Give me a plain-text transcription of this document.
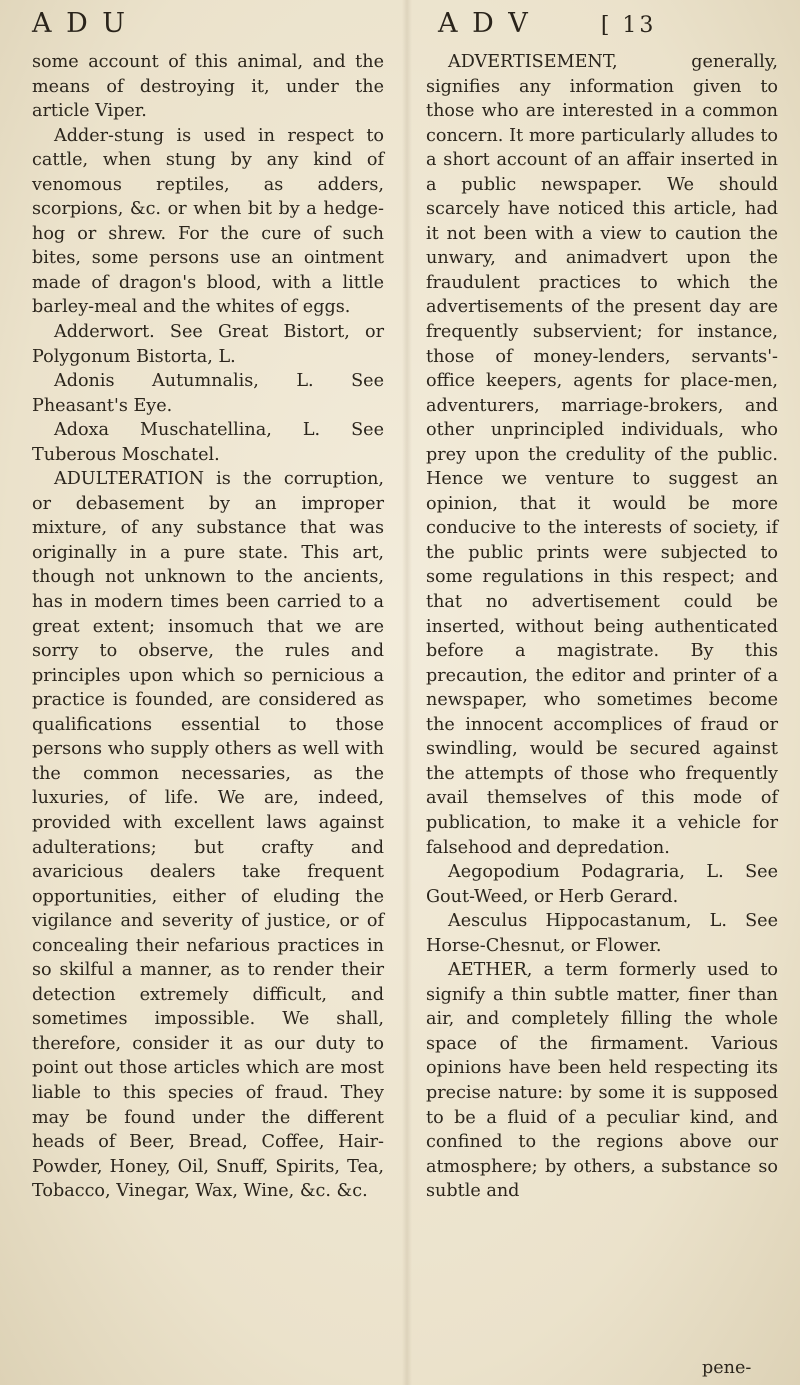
A D U	A D V	[ 13

some account of this animal, and the means of destroying it, under the article Viper.

Adder-stung is used in respect to cattle, when stung by any kind of venomous reptiles, as adders, scorpions, &c. or when bit by a hedge-hog or shrew. For the cure of such bites, some persons use an ointment made of dragon's blood, with a little barley-meal and the whites of eggs.

Adderwort. See Great Bistort, or Polygonum Bistorta, L.

Adonis Autumnalis, L. See Pheasant's Eye.

Adoxa Muschatellina, L. See Tuberous Moschatel.

ADULTERATION is the corruption, or debasement by an improper mixture, of any substance that was originally in a pure state. This art, though not unknown to the ancients, has in modern times been carried to a great extent; insomuch that we are sorry to observe, the rules and principles upon which so pernicious a practice is founded, are considered as qualifications essential to those persons who supply others as well with the common necessaries, as the luxuries, of life. We are, indeed, provided with excellent laws against adulterations; but crafty and avaricious dealers take frequent opportunities, either of eluding the vigilance and severity of justice, or of concealing their nefarious practices in so skilful a manner, as to render their detection extremely difficult, and sometimes impossible. We shall, therefore, consider it as our duty to point out those articles which are most liable to this species of fraud. They may be found under the different heads of Beer, Bread, Coffee, Hair-Powder, Honey, Oil, Snuff, Spirits, Tea, Tobacco, Vinegar, Wax, Wine, &c. &c.

ADVERTISEMENT, generally, signifies any information given to those who are interested in a common concern. It more particularly alludes to a short account of an affair inserted in a public newspaper. We should scarcely have noticed this article, had it not been with a view to caution the unwary, and animadvert upon the fraudulent practices to which the advertisements of the present day are frequently subservient; for instance, those of money-lenders, servants'-office keepers, agents for place-men, adventurers, marriage-brokers, and other unprincipled individuals, who prey upon the credulity of the public. Hence we venture to suggest an opinion, that it would be more conducive to the interests of society, if the public prints were subjected to some regulations in this respect; and that no advertisement could be inserted, without being authenticated before a magistrate. By this precaution, the editor and printer of a newspaper, who sometimes become the innocent accomplices of fraud or swindling, would be secured against the attempts of those who frequently avail themselves of this mode of publication, to make it a vehicle for falsehood and depredation.

Aegopodium Podagraria, L. See Gout-Weed, or Herb Gerard.

Aesculus Hippocastanum, L. See Horse-Chesnut, or Flower.

AETHER, a term formerly used to signify a thin subtle matter, finer than air, and completely filling the whole space of the firmament. Various opinions have been held respecting its precise nature: by some it is supposed to be a fluid of a peculiar kind, and confined to the regions above our atmosphere; by others, a substance so subtle and

pene-
